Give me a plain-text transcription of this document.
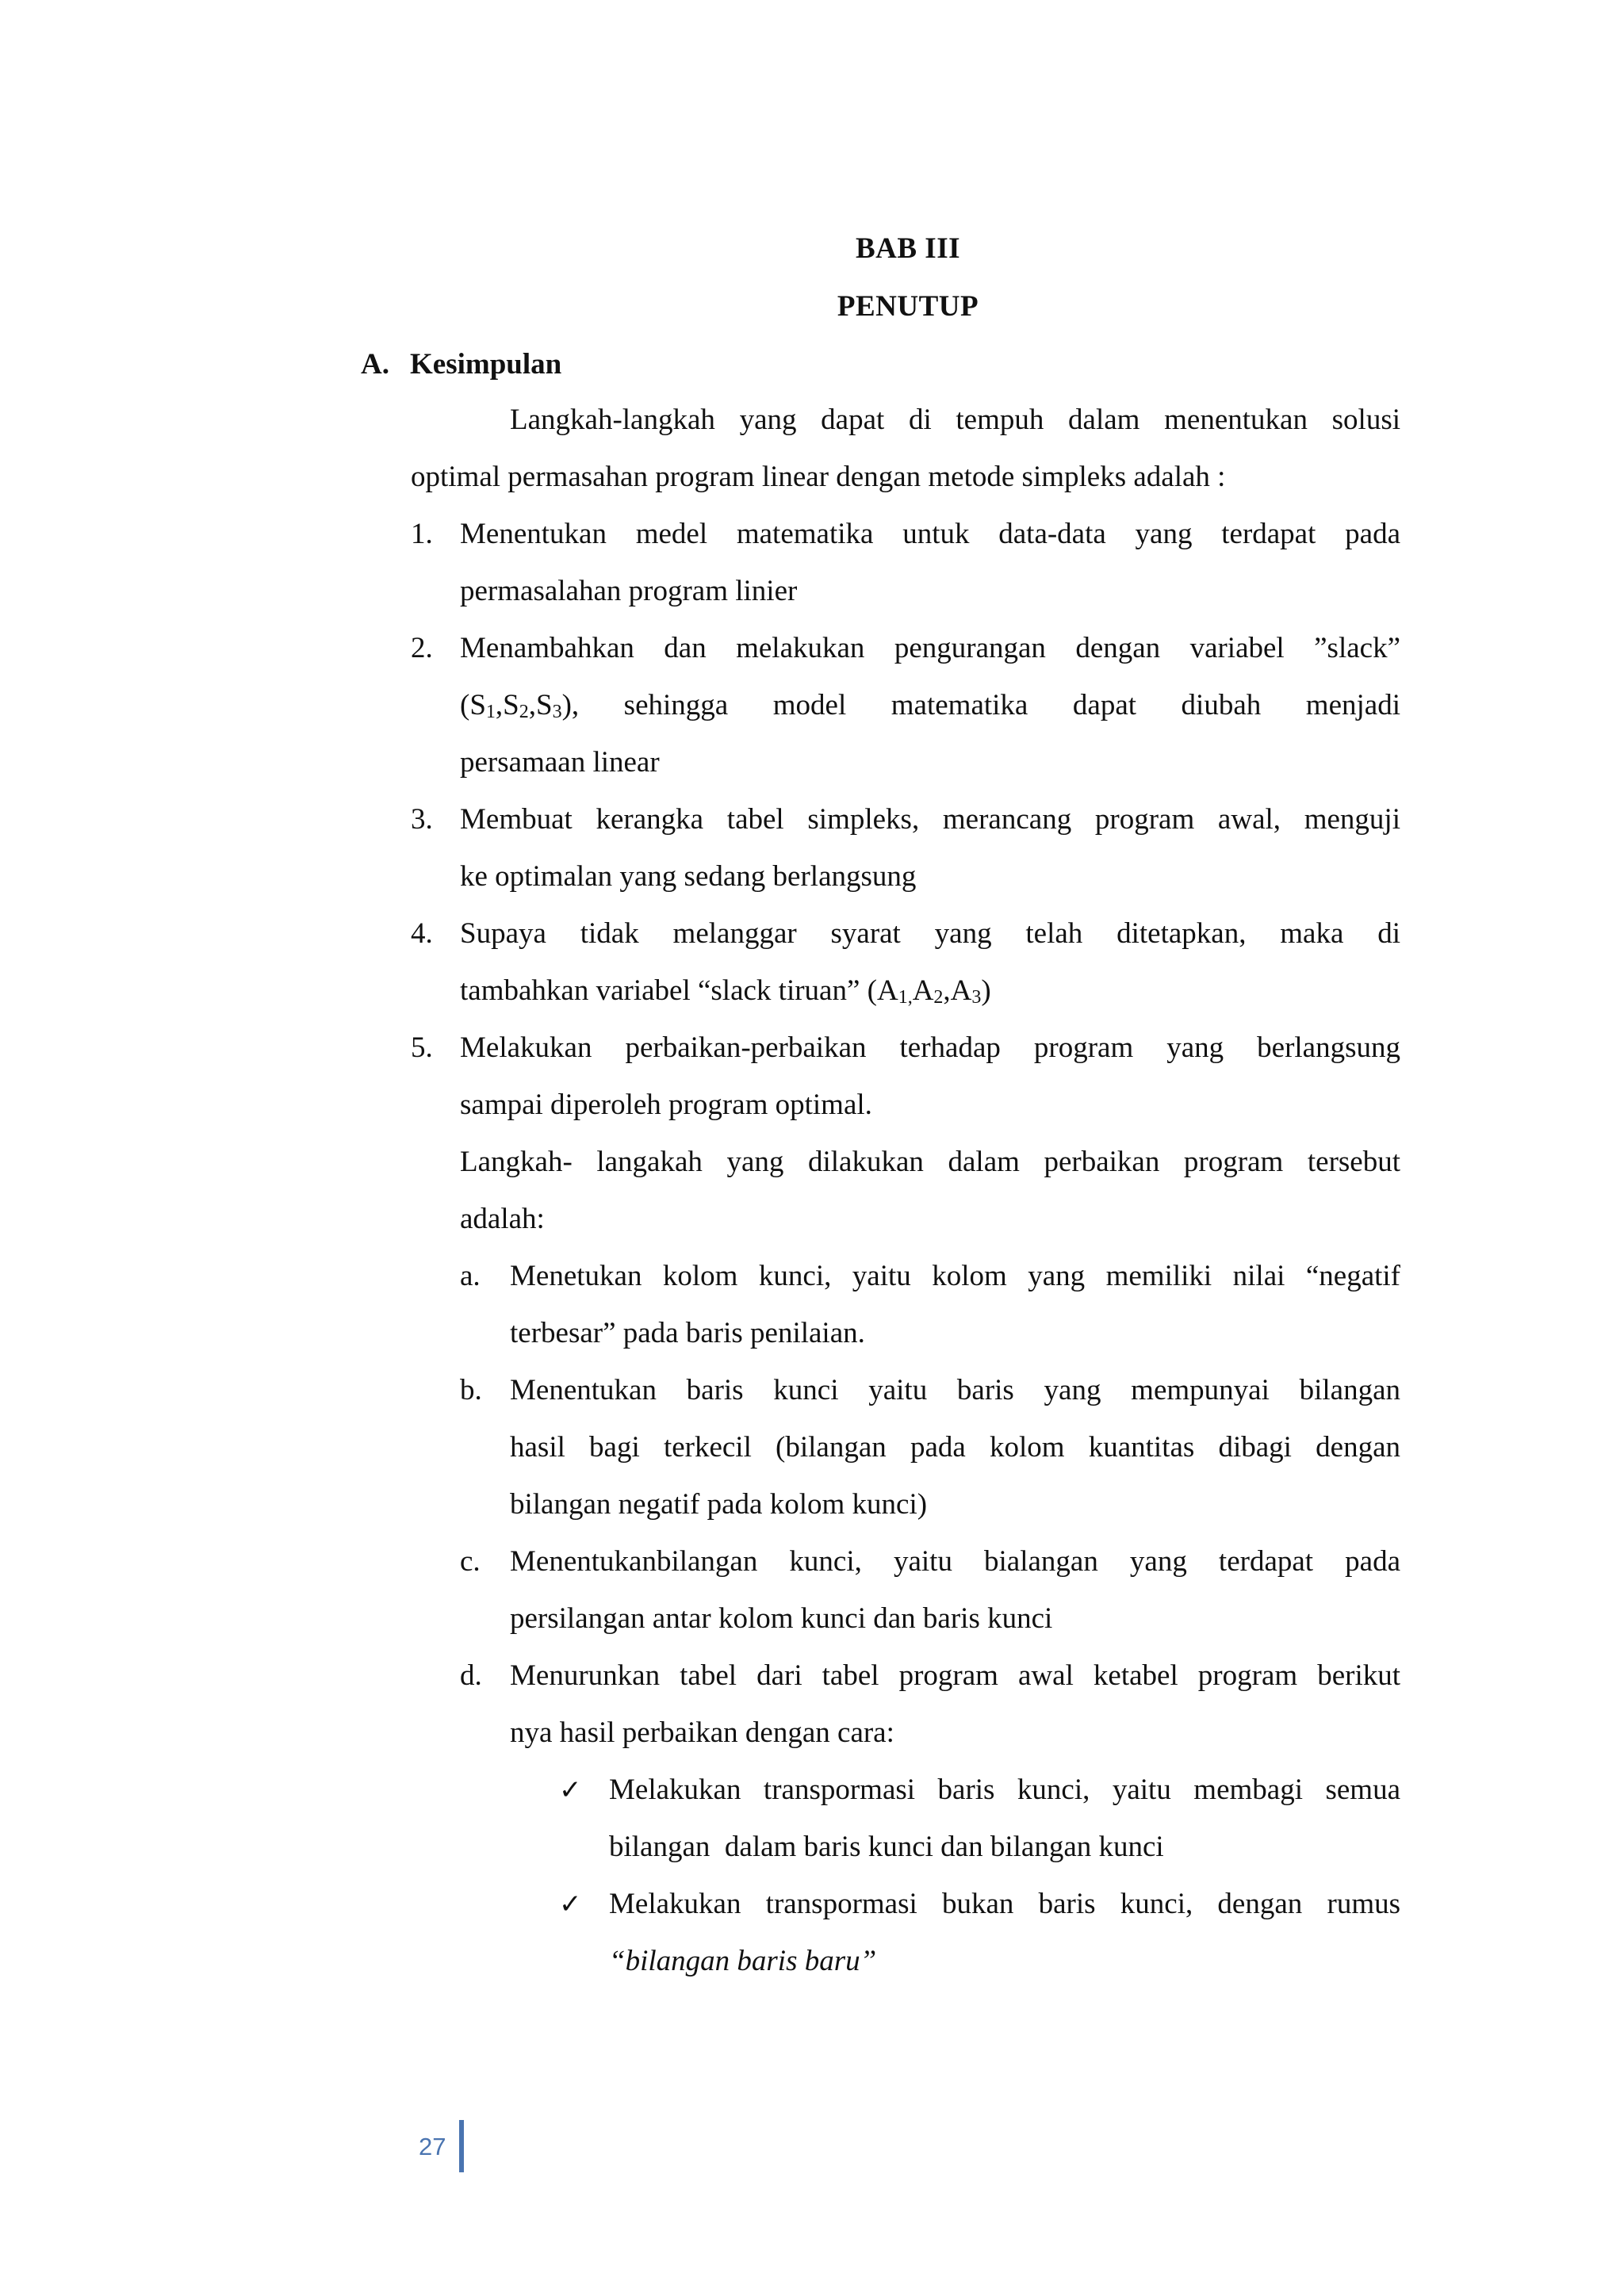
BAB III
PENUTUP
A. Kesimpulan
Langkah-langkah yang dapat di tempuh dalam menentukan solusi
optimal permasahan program linear dengan metode simpleks adalah :
1. Menentukan medel matematika untuk data-data yang terdapat pada
permasalahan program linier
2. Menambahkan dan melakukan pengurangan dengan variabel ”slack”
$(S_1,S_2,S_3)$, sehingga model matematika dapat diubah menjadi
persamaan linear
3. Membuat kerangka tabel simpleks, merancang program awal, menguji
ke optimalan yang sedang berlangsung
4. Supaya tidak melanggar syarat yang telah ditetapkan, maka di
tambahkan variabel “slack tiruan” $(A_{1,}A_2,A_3)$
5. Melakukan perbaikan-perbaikan terhadap program yang berlangsung
sampai diperoleh program optimal.
Langkah- langakah yang dilakukan dalam perbaikan program tersebut
adalah:
a. Menetukan kolom kunci, yaitu kolom yang memiliki nilai “negatif
terbesar” pada baris penilaian.
b. Menentukan baris kunci yaitu baris yang mempunyai bilangan
hasil bagi terkecil (bilangan pada kolom kuantitas dibagi dengan
bilangan negatif pada kolom kunci)
c. Menentukanbilangan kunci, yaitu bialangan yang terdapat pada
persilangan antar kolom kunci dan baris kunci
d. Menurunkan tabel dari tabel program awal ketabel program berikut
nya hasil perbaikan dengan cara:
✓ Melakukan transpormasi baris kunci, yaitu membagi semua
bilangan  dalam baris kunci dan bilangan kunci
✓ Melakukan transpormasi bukan baris kunci, dengan rumus
“bilangan baris baru”
27
